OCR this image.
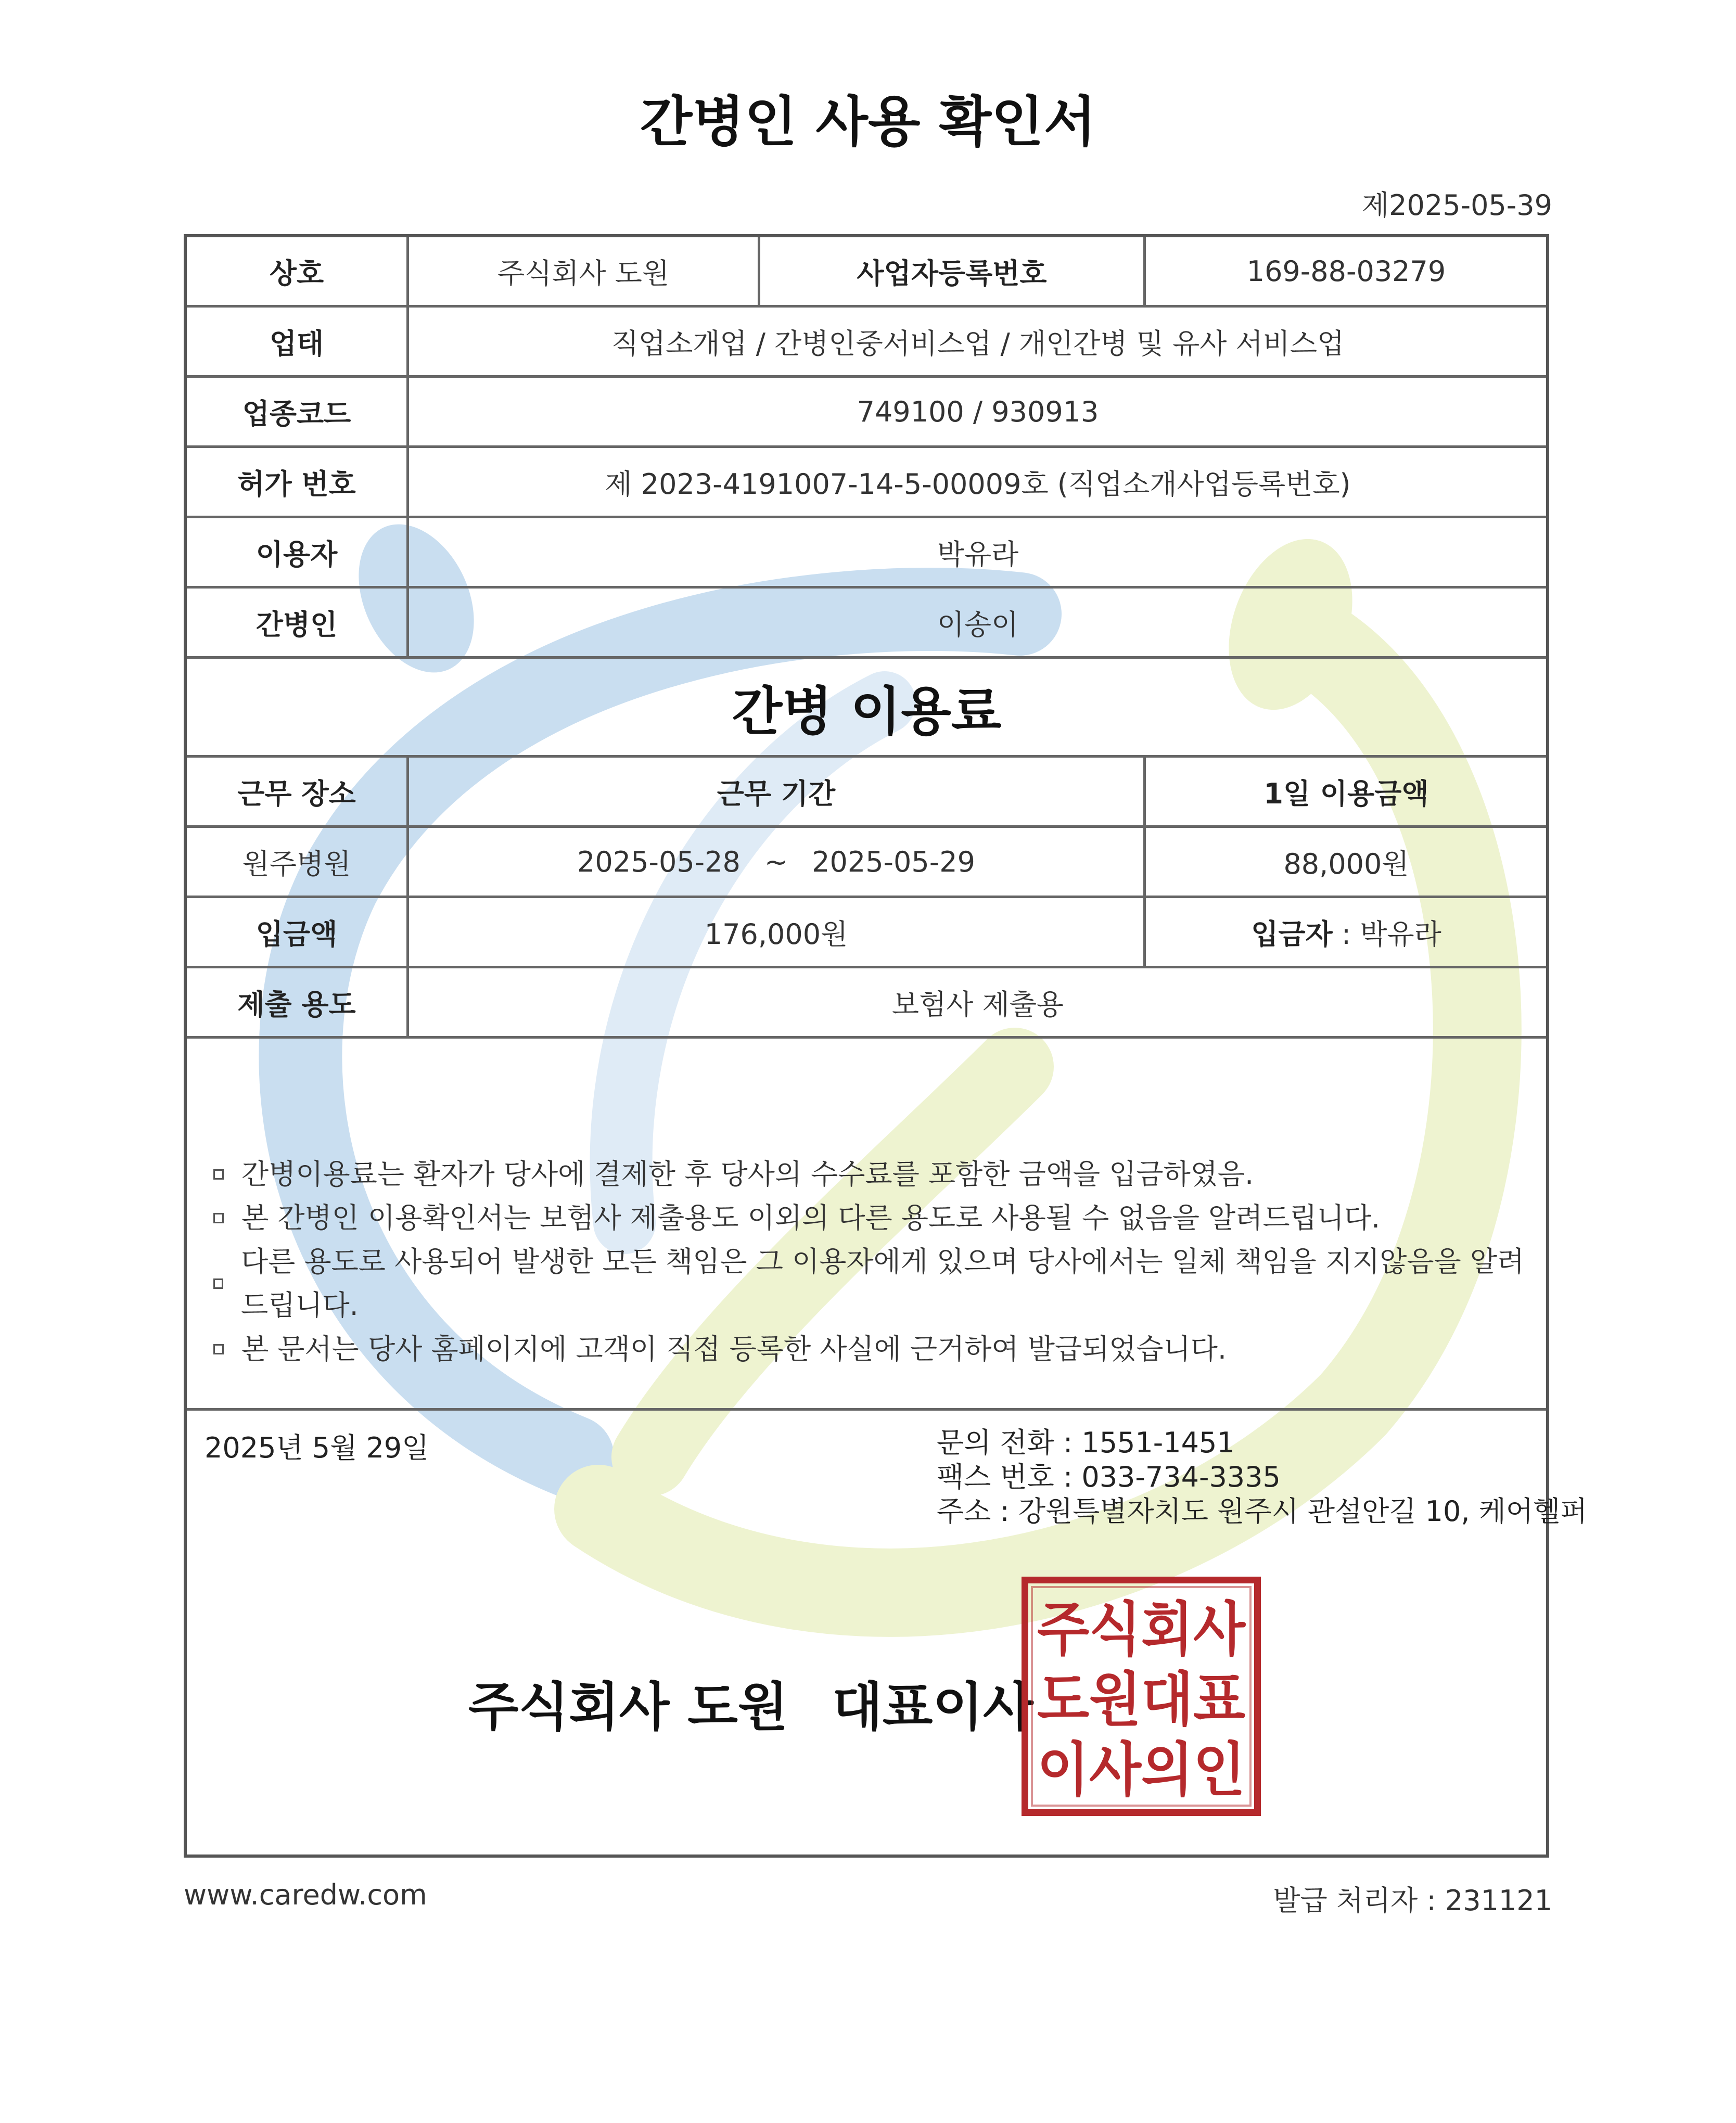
간병인 사용 확인서
제2025-05-39
상호	주식회사 도원	사업자등록번호	169-88-03279
업태	직업소개업 / 간병인중서비스업 / 개인간병 및 유사 서비스업
업종코드	749100 / 930913
허가 번호	제 2023-4191007-14-5-00009호 (직업소개사업등록번호)
이용자	박유라
간병인	이송이
간병 이용료
근무 장소	근무 기간	1일 이용금액
원주병원	2025-05-28 ~ 2025-05-29	88,000원
입금액	176,000원	입금자 : 박유라
제출 용도	보험사 제출용
간병이용료는 환자가 당사에 결제한 후 당사의 수수료를 포함한 금액을 입금하였음.
본 간병인 이용확인서는 보험사 제출용도 이외의 다른 용도로 사용될 수 없음을 알려드립니다.
다른 용도로 사용되어 발생한 모든 책임은 그 이용자에게 있으며 당사에서는 일체 책임을 지지않음을 알려드립니다.
본 문서는 당사 홈페이지에 고객이 직접 등록한 사실에 근거하여 발급되었습니다.
2025년 5월 29일	문의 전화 : 1551-1451
팩스 번호 : 033-734-3335
주소 : 강원특별자치도 원주시 관설안길 10, 케어헬퍼
주식회사 도원 대표이사
주식회사
도원대표
이사의인
www.caredw.com	발급 처리자 : 231121
